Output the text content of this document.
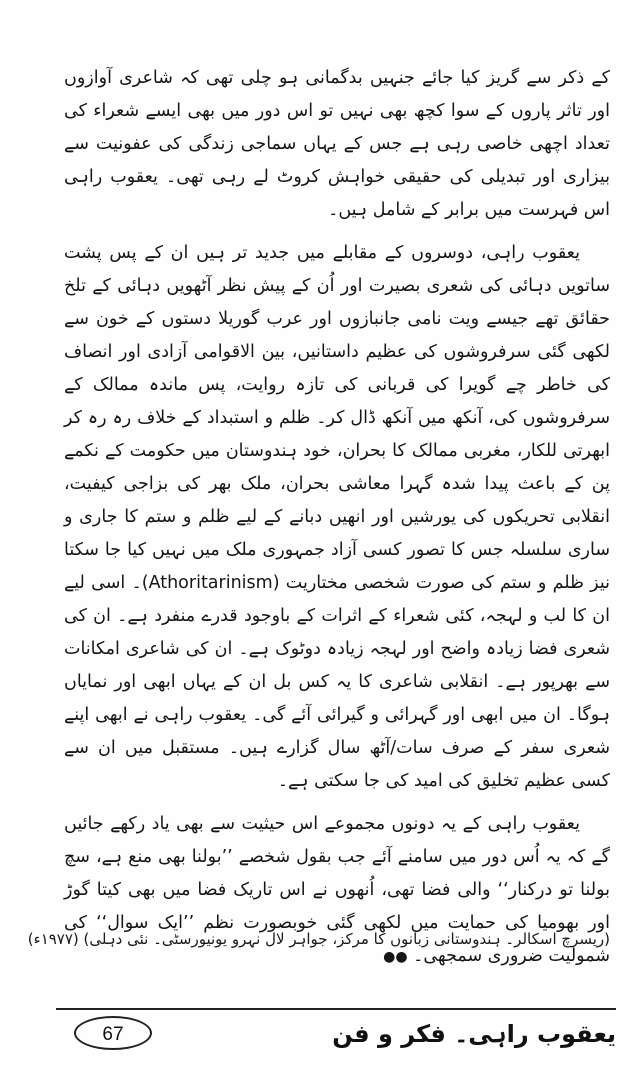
کے ذکر سے گریز کیا جائے جنہیں بدگمانی ہو چلی تھی کہ شاعری آوازوں اور تاثر پاروں کے سوا کچھ بھی نہیں تو اس دور میں بھی ایسے شعراء کی تعداد اچھی خاصی رہی ہے جس کے یہاں سماجی زندگی کی عفونیت سے بیزاری اور تبدیلی کی حقیقی خواہش کروٹ لے رہی تھی۔ یعقوب راہی اس فہرست میں برابر کے شامل ہیں۔

یعقوب راہی، دوسروں کے مقابلے میں جدید تر ہیں ان کے پس پشت ساتویں دہائی کی شعری بصیرت اور اُن کے پیش نظر آٹھویں دہائی کے تلخ حقائق تھے جیسے ویت نامی جانبازوں اور عرب گوریلا دستوں کے خون سے لکھی گئی سرفروشوں کی عظیم داستانیں، بین الاقوامی آزادی اور انصاف کی خاطر چے گویرا کی قربانی کی تازہ روایت، پس ماندہ ممالک کے سرفروشوں کی، آنکھ میں آنکھ ڈال کر۔ ظلم و استبداد کے خلاف رہ رہ کر ابھرتی للکار، مغربی ممالک کا بحران، خود ہندوستان میں حکومت کے نکمے پن کے باعث پیدا شدہ گہرا معاشی بحران، ملک بھر کی بزاجی کیفیت، انقلابی تحریکوں کی یورشیں اور انھیں دبانے کے لیے ظلم و ستم کا جاری و ساری سلسلہ جس کا تصور کسی آزاد جمہوری ملک میں نہیں کیا جا سکتا نیز ظلم و ستم کی صورت شخصی مختاریت (Athoritarinism)۔ اسی لیے ان کا لب و لہجہ، کئی شعراء کے اثرات کے باوجود قدرے منفرد ہے۔ ان کی شعری فضا زیادہ واضح اور لہجہ زیادہ دوٹوک ہے۔ ان کی شاعری امکانات سے بھرپور ہے۔ انقلابی شاعری کا یہ کس بل ان کے یہاں ابھی اور نمایاں ہوگا۔ ان میں ابھی اور گہرائی و گیرائی آئے گی۔ یعقوب راہی نے ابھی اپنے شعری سفر کے صرف سات/آٹھ سال گزارے ہیں۔ مستقبل میں ان سے کسی عظیم تخلیق کی امید کی جا سکتی ہے۔

یعقوب راہی کے یہ دونوں مجموعے اس حیثیت سے بھی یاد رکھے جائیں گے کہ یہ اُس دور میں سامنے آئے جب بقول شخصے ’’بولنا بھی منع ہے، سچ بولنا تو درکنار‘‘ والی فضا تھی، اُنھوں نے اس تاریک فضا میں بھی کیتا گوڑ اور بھومیا کی حمایت میں لکھی گئی خوبصورت نظم ’’ایک سوال‘‘ کی شمولیت ضروری سمجھی۔ ●●

(ریسرچ اسکالر۔ ہندوستانی زبانوں کا مرکز، جواہر لال نہرو یونیورسٹی۔ نئی دہلی) (۱۹۷۷ء)
67	یعقوب راہی۔ فکر و فن
